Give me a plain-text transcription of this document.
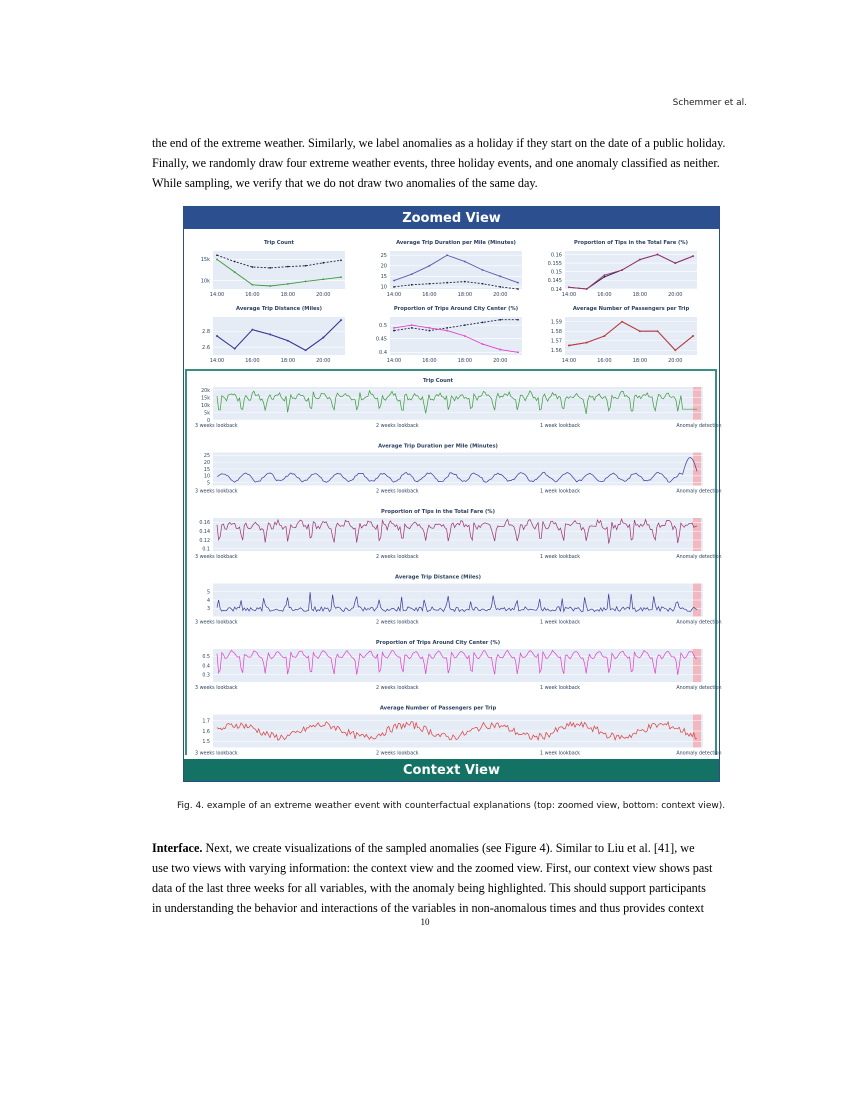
Schemmer et al.

the end of the extreme weather. Similarly, we label anomalies as a holiday if they start on the date of a public holiday.

Finally, we randomly draw four extreme weather events, three holiday events, and one anomaly classified as neither.

While sampling, we verify that we do not draw two anomalies of the same day.

Zoomed View
Trip Count
10k
15k
14:00	16:00	18:00	20:00
Average Trip Duration per Mile (Minutes)
10
15
20
25
14:00	16:00	18:00	20:00
Proportion of Tips in the Total Fare (%)
0.14
0.145
0.15
0.155
0.16
14:00	16:00	18:00	20:00
Average Trip Distance (Miles)
2.6
2.8
14:00	16:00	18:00	20:00
Proportion of Trips Around City Center (%)
0.4
0.45
0.5
14:00	16:00	18:00	20:00
Average Number of Passengers per Trip
1.56
1.57
1.58
1.59
14:00	16:00	18:00	20:00
Trip Count
0
5k
10k
15k
20k
3 weeks lookback	2 weeks lookback	1 week lookback	Anomaly detection
Average Trip Duration per Mile (Minutes)
5
10
15
20
25
3 weeks lookback	2 weeks lookback	1 week lookback	Anomaly detection
Proportion of Tips in the Total Fare (%)
0.1
0.12
0.14
0.16
3 weeks lookback	2 weeks lookback	1 week lookback	Anomaly detection
Average Trip Distance (Miles)
3
4
5
3 weeks lookback	2 weeks lookback	1 week lookback	Anomaly detection
Proportion of Trips Around City Center (%)
0.3
0.4
0.5
3 weeks lookback	2 weeks lookback	1 week lookback	Anomaly detection
Average Number of Passengers per Trip
1.5
1.6
1.7
3 weeks lookback	2 weeks lookback	1 week lookback	Anomaly detection
Context View
Fig. 4. example of an extreme weather event with counterfactual explanations (top: zoomed view, bottom: context view).

Interface. Next, we create visualizations of the sampled anomalies (see Figure 4). Similar to Liu et al. [41], we

use two views with varying information: the context view and the zoomed view. First, our context view shows past

data of the last three weeks for all variables, with the anomaly being highlighted. This should support participants

in understanding the behavior and interactions of the variables in non-anomalous times and thus provides context

10
